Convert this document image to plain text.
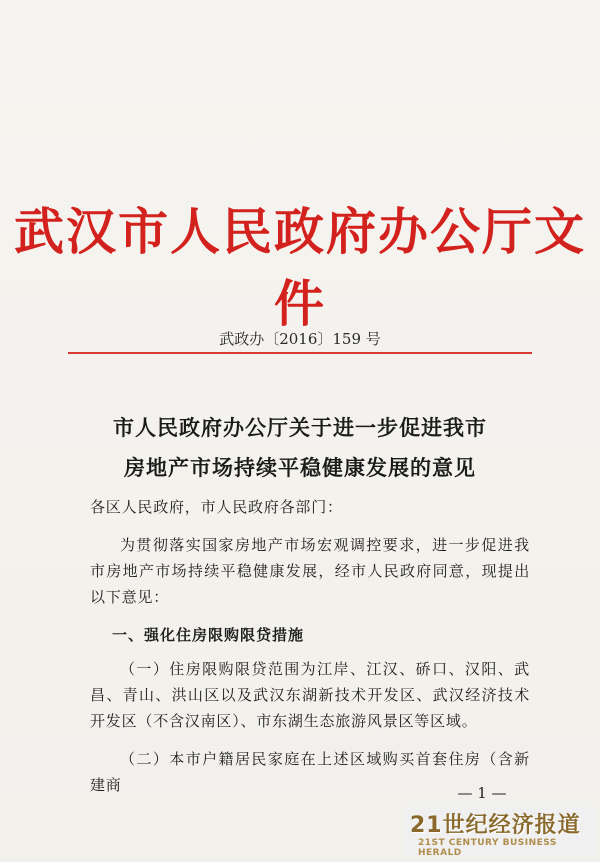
武汉市人民政府办公厅文件
武政办〔2016〕159 号
市人民政府办公厅关于进一步促进我市
房地产市场持续平稳健康发展的意见
各区人民政府，市人民政府各部门：

为贯彻落实国家房地产市场宏观调控要求，进一步促进我市房地产市场持续平稳健康发展，经市人民政府同意，现提出以下意见：

一、强化住房限购限贷措施

（一）住房限购限贷范围为江岸、江汉、硚口、汉阳、武昌、青山、洪山区以及武汉东湖新技术开发区、武汉经济技术开发区（不含汉南区）、市东湖生态旅游风景区等区域。

（二）本市户籍居民家庭在上述区域购买首套住房（含新建商	— 1 —
21世纪经济报道
21ST CENTURY BUSINESS HERALD
